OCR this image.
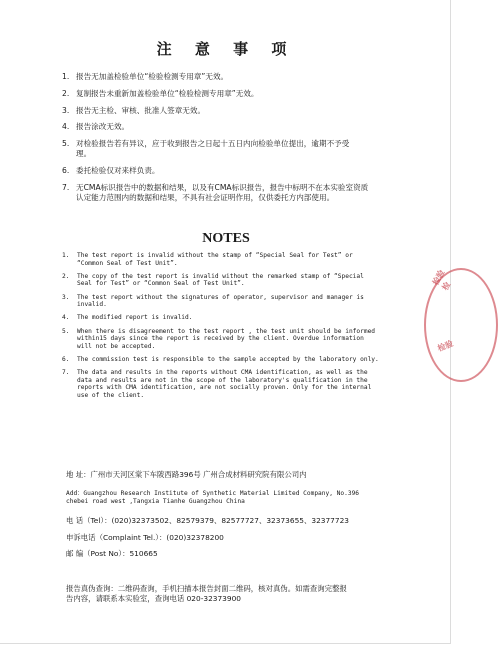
注 意 事 项
1. 报告无加盖检验单位“检验检测专用章”无效。
2. 复制报告未重新加盖检验单位“检验检测专用章”无效。
3. 报告无主检、审核、批准人签章无效。
4. 报告涂改无效。
5. 对检验报告若有异议，应于收到报告之日起十五日内向检验单位提出，逾期不予受
理。
6. 委托检验仅对来样负责。
7. 无CMA标识报告中的数据和结果，以及有CMA标识报告，报告中标明不在本实验室资质
认定能力范围内的数据和结果，不具有社会证明作用，仅供委托方内部使用。
NOTES
1. The test report is invalid without the stamp of “Special Seal for Test” or
“Common Seal of Test Unit”.
2. The copy of the test report is invalid without the remarked stamp of “Special
Seal for Test” or “Common Seal of Test Unit”.
3. The test report without the signatures of operator, supervisor and manager is
invalid.
4. The modified report is invalid.
5. When there is disagreement to the test report , the test unit should be informed
within15 days since the report is received by the client. Overdue information
will not be accepted.
6. The commission test is responsible to the sample accepted by the laboratory only.
7. The data and results in the reports without CMA identification, as well as the
data and results are not in the scope of the laboratory's qualification in the
reports with CMA identification, are not socially proven. Only for the internal
use of the client.
地 址：广州市天河区棠下车陂西路396号 广州合成材料研究院有限公司内
Add：Guangzhou Research Institute of Synthetic Material Limited Company, No.396
chebei road west ,Tangxia Tianhe Guangzhou China
电 话（Tel）：(020)32373502、82579379、82577727、32373655、32377723
申诉电话（Complaint Tel.）：(020)32378200
邮 编（Post No）：510665
报告真伪查询：二维码查询，手机扫描本报告封面二维码，核对真伪。如需查询完整报
告内容，请联系本实验室，查询电话 020-32373900
检验检
检验
